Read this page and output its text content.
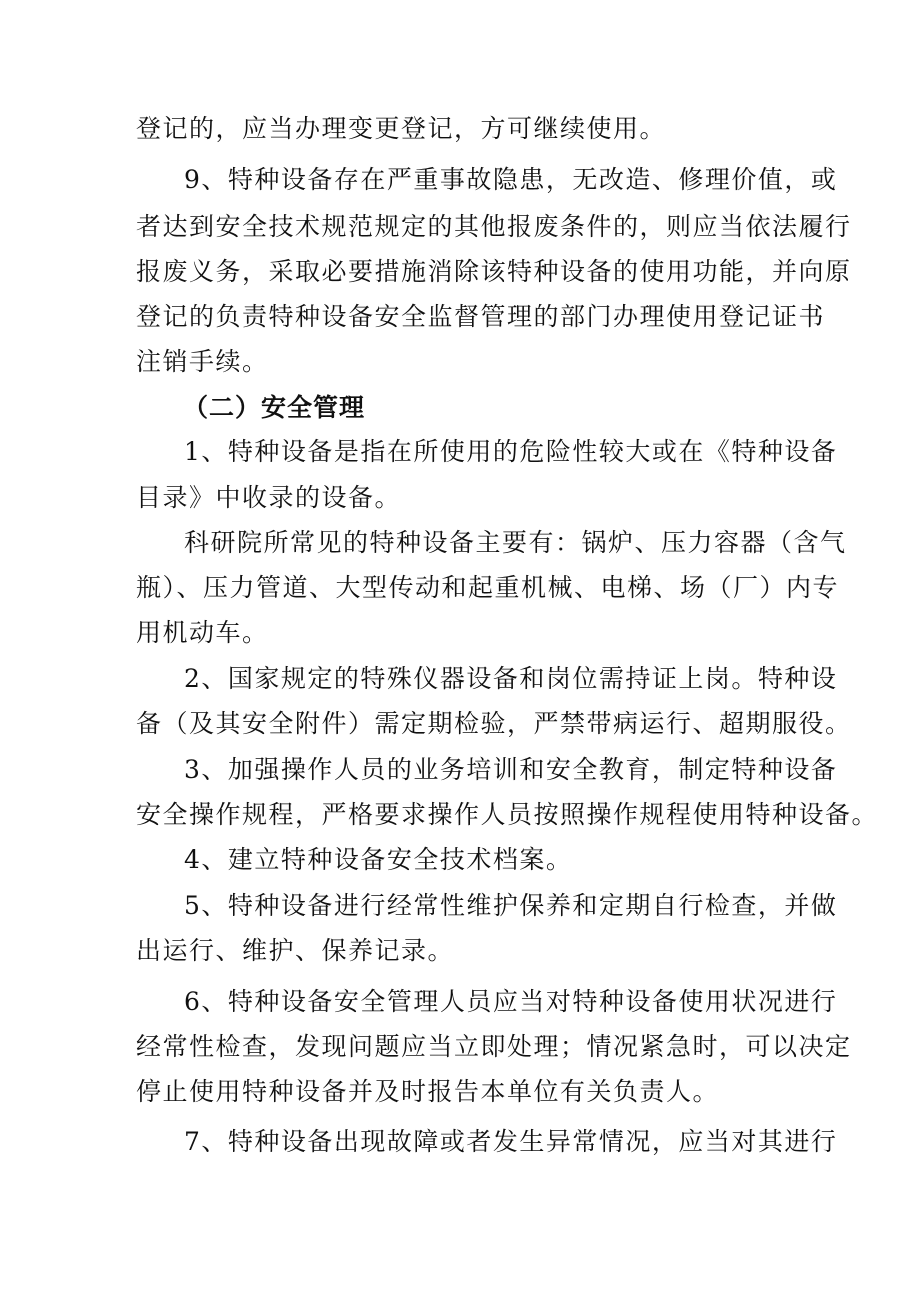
登记的，应当办理变更登记，方可继续使用。
9、特种设备存在严重事故隐患，无改造、修理价值，或
者达到安全技术规范规定的其他报废条件的，则应当依法履行
报废义务，采取必要措施消除该特种设备的使用功能，并向原
登记的负责特种设备安全监督管理的部门办理使用登记证书
注销手续。
（二）安全管理
1、特种设备是指在所使用的危险性较大或在《特种设备
目录》中收录的设备。
科研院所常见的特种设备主要有：锅炉、压力容器（含气
瓶）、压力管道、大型传动和起重机械、电梯、场（厂）内专
用机动车。
2、国家规定的特殊仪器设备和岗位需持证上岗。特种设
备（及其安全附件）需定期检验，严禁带病运行、超期服役。
3、加强操作人员的业务培训和安全教育，制定特种设备
安全操作规程，严格要求操作人员按照操作规程使用特种设备。
4、建立特种设备安全技术档案。
5、特种设备进行经常性维护保养和定期自行检查，并做
出运行、维护、保养记录。
6、特种设备安全管理人员应当对特种设备使用状况进行
经常性检查，发现问题应当立即处理；情况紧急时，可以决定
停止使用特种设备并及时报告本单位有关负责人。
7、特种设备出现故障或者发生异常情况，应当对其进行
